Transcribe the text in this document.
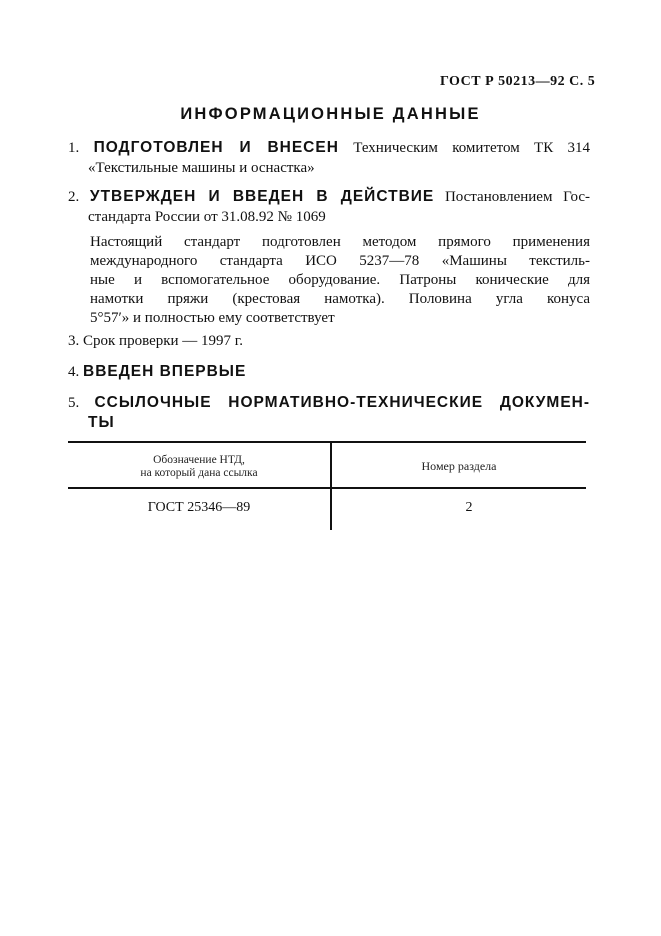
ГОСТ Р 50213—92 С. 5
ИНФОРМАЦИОННЫЕ ДАННЫЕ
1. ПОДГОТОВЛЕН И ВНЕСЕН Техническим комитетом ТК 314
«Текстильные машины и оснастка»
2. УТВЕРЖДЕН И ВВЕДЕН В ДЕЙСТВИЕ Постановлением Гос-
стандарта России от 31.08.92 № 1069
Настоящий стандарт подготовлен методом прямого применения
международного стандарта ИСО 5237—78 «Машины текстиль-
ные и вспомогательное оборудование. Патроны конические для
намотки пряжи (крестовая намотка). Половина угла конуса
5°57′» и полностью ему соответствует
3. Срок проверки — 1997 г.
4. ВВЕДЕН ВПЕРВЫЕ
5. ССЫЛОЧНЫЕ НОРМАТИВНО-ТЕХНИЧЕСКИЕ ДОКУМЕН-
ТЫ
Обозначение НТД,
на который дана ссылка	Номер раздела
ГОСТ 25346—89	2
